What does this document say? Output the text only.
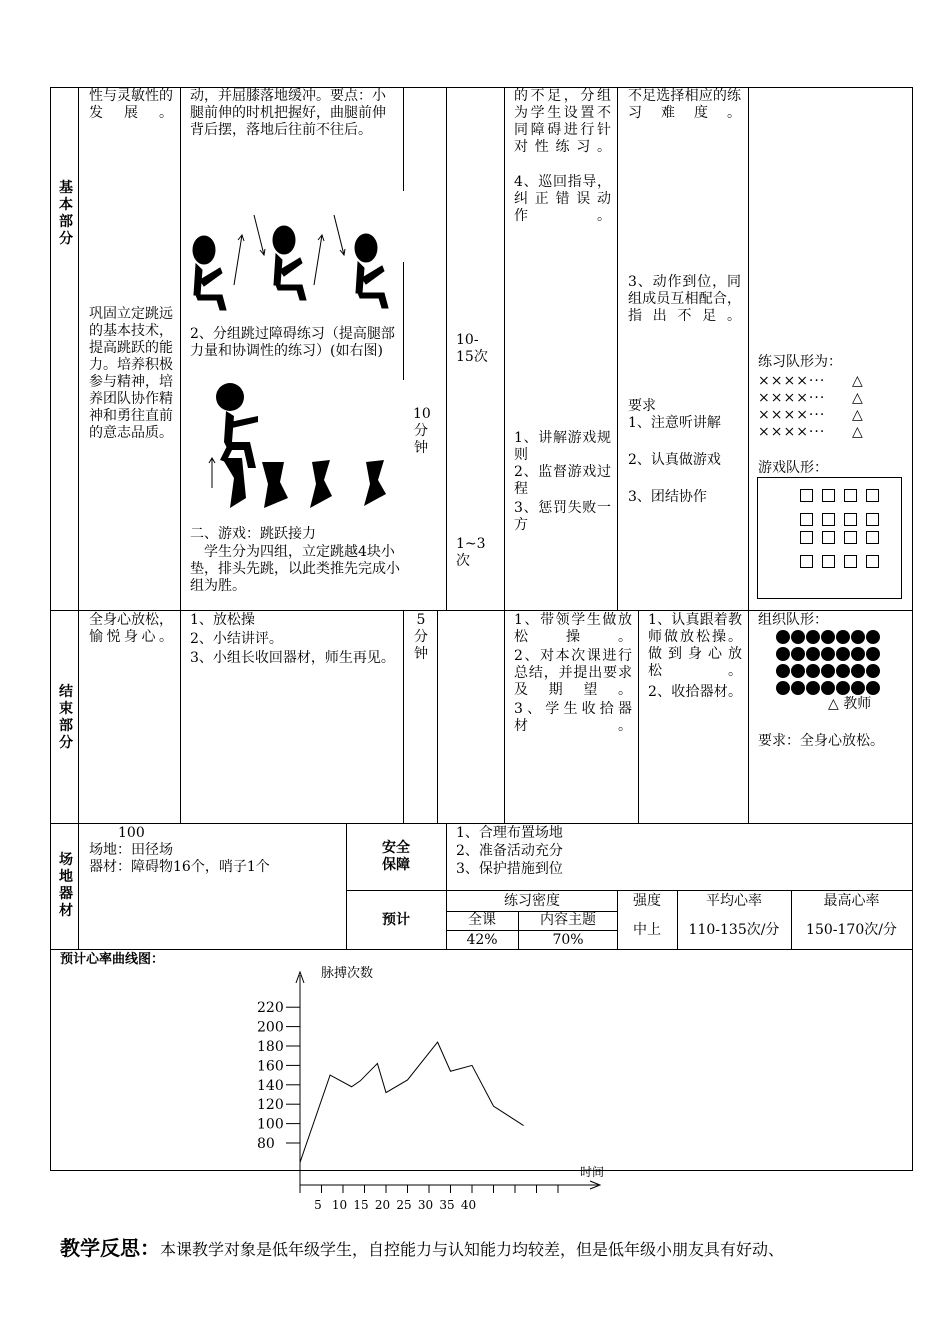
基
本
部
分
性与灵敏性的发展。
巩固立定跳远的基本技术，提高跳跃的能力。培养积极参与精神，培养团队协作精神和勇往直前的意志品质。
动，并屈膝落地缓冲。要点：小腿前伸的时机把握好，曲腿前伸背后摆，落地后往前不往后。
2、分组跳过障碍练习（提高腿部力量和协调性的练习）(如右图)
二、游戏：跳跃接力
学生分为四组，立定跳越4块小垫，排头先跳，以此类推先完成小组为胜。
10分钟
10-15次
1~3次
的不足，分组为学生设置不同障碍进行针对性练习。
4、巡回指导，纠正错误动作。
1、讲解游戏规则
2、监督游戏过程
3、惩罚失败一方
不足选择相应的练习难度。
3、动作到位，同组成员互相配合，指出不足。
要求
1、注意听讲解
2、认真做游戏
3、团结协作
练习队形为：
××××··· △
××××··· △
××××··· △
××××··· △
游戏队形：
结
束
部
分
全身心放松，愉悦身心。
1、放松操
2、小结讲评。
3、小组长收回器材，师生再见。
5分钟
1、带领学生做放松操。
2、对本次课进行总结，并提出要求及期望。
3、学生收拾器材。
1、认真跟着教师做放松操。做到身心放松。
2、收拾器材。
组织队形：
△ 教师
要求：全身心放松。
场
地
器
材
100
场地：田径场
器材：障碍物16个，哨子1个
安全保障
1、合理布置场地
2、准备活动充分
3、保护措施到位
预计
练习密度
全课	内容主题
42%	70%
强度
中上
平均心率
110-135次/分
最高心率
150-170次/分
预计心率曲线图：
80
100
120
140
160
180
200
220
5 10 15 20 25 30 35 40
脉搏次数
时间
教学反思：本课教学对象是低年级学生，自控能力与认知能力均较差，但是低年级小朋友具有好动、
